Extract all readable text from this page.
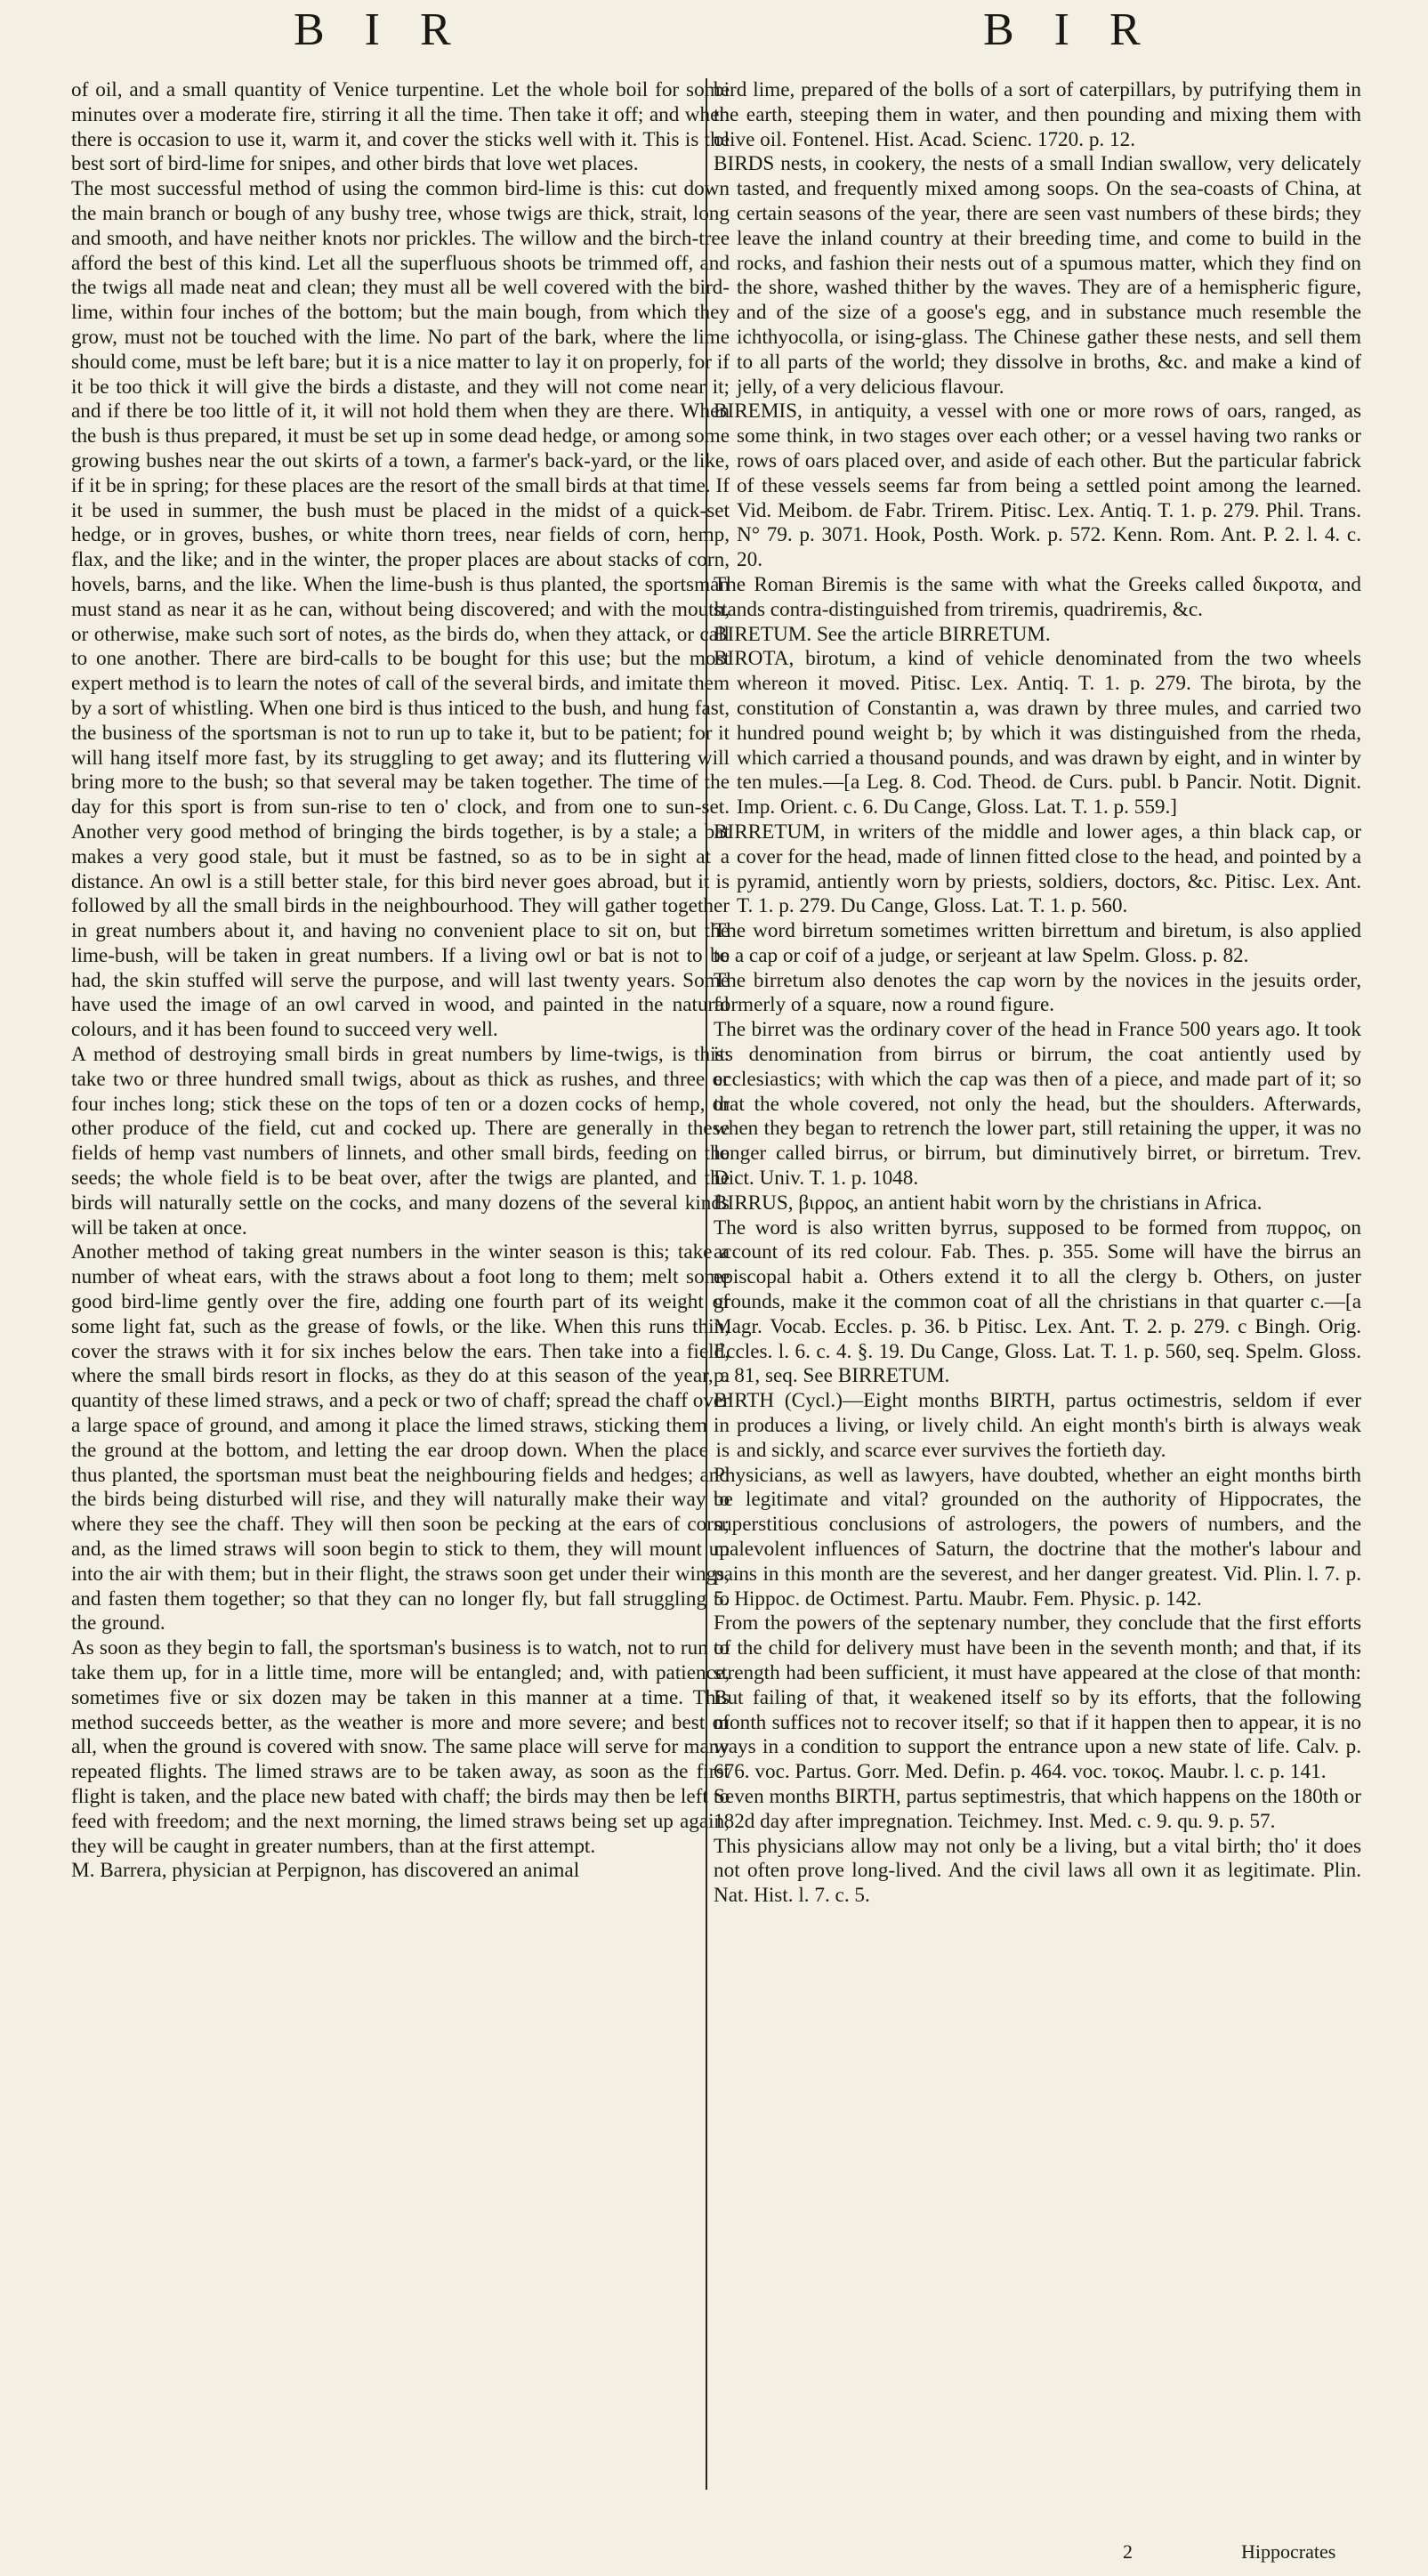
B I R	B I R

of oil, and a small quantity of Venice turpentine. Let the whole boil for some minutes over a moderate fire, stirring it all the time. Then take it off; and when there is occasion to use it, warm it, and cover the sticks well with it. This is the best sort of bird-lime for snipes, and other birds that love wet places.

The most successful method of using the common bird-lime is this: cut down the main branch or bough of any bushy tree, whose twigs are thick, strait, long and smooth, and have neither knots nor prickles. The willow and the birch-tree afford the best of this kind. Let all the superfluous shoots be trimmed off, and the twigs all made neat and clean; they must all be well covered with the bird-lime, within four inches of the bottom; but the main bough, from which they grow, must not be touched with the lime. No part of the bark, where the lime should come, must be left bare; but it is a nice matter to lay it on properly, for if it be too thick it will give the birds a distaste, and they will not come near it; and if there be too little of it, it will not hold them when they are there. When the bush is thus prepared, it must be set up in some dead hedge, or among some growing bushes near the out skirts of a town, a farmer's back-yard, or the like, if it be in spring; for these places are the resort of the small birds at that time. If it be used in summer, the bush must be placed in the midst of a quick-set hedge, or in groves, bushes, or white thorn trees, near fields of corn, hemp, flax, and the like; and in the winter, the proper places are about stacks of corn, hovels, barns, and the like. When the lime-bush is thus planted, the sportsman must stand as near it as he can, without being discovered; and with the mouth, or otherwise, make such sort of notes, as the birds do, when they attack, or call to one another. There are bird-calls to be bought for this use; but the most expert method is to learn the notes of call of the several birds, and imitate them by a sort of whistling. When one bird is thus inticed to the bush, and hung fast, the business of the sportsman is not to run up to take it, but to be patient; for it will hang itself more fast, by its struggling to get away; and its fluttering will bring more to the bush; so that several may be taken together. The time of the day for this sport is from sun-rise to ten o' clock, and from one to sun-set. Another very good method of bringing the birds together, is by a stale; a bat makes a very good stale, but it must be fastned, so as to be in sight at a distance. An owl is a still better stale, for this bird never goes abroad, but it is followed by all the small birds in the neighbourhood. They will gather together in great numbers about it, and having no convenient place to sit on, but the lime-bush, will be taken in great numbers. If a living owl or bat is not to be had, the skin stuffed will serve the purpose, and will last twenty years. Some have used the image of an owl carved in wood, and painted in the natural colours, and it has been found to succeed very well.

A method of destroying small birds in great numbers by lime-twigs, is this: take two or three hundred small twigs, about as thick as rushes, and three or four inches long; stick these on the tops of ten or a dozen cocks of hemp, or other produce of the field, cut and cocked up. There are generally in these fields of hemp vast numbers of linnets, and other small birds, feeding on the seeds; the whole field is to be beat over, after the twigs are planted, and the birds will naturally settle on the cocks, and many dozens of the several kinds will be taken at once.

Another method of taking great numbers in the winter season is this; take a number of wheat ears, with the straws about a foot long to them; melt some good bird-lime gently over the fire, adding one fourth part of its weight of some light fat, such as the grease of fowls, or the like. When this runs thin, cover the straws with it for six inches below the ears. Then take into a field, where the small birds resort in flocks, as they do at this season of the year, a quantity of these limed straws, and a peck or two of chaff; spread the chaff over a large space of ground, and among it place the limed straws, sticking them in the ground at the bottom, and letting the ear droop down. When the place is thus planted, the sportsman must beat the neighbouring fields and hedges; and the birds being disturbed will rise, and they will naturally make their way to where they see the chaff. They will then soon be pecking at the ears of corn; and, as the limed straws will soon begin to stick to them, they will mount up into the air with them; but in their flight, the straws soon get under their wings, and fasten them together; so that they can no longer fly, but fall struggling to the ground.

As soon as they begin to fall, the sportsman's business is to watch, not to run to take them up, for in a little time, more will be entangled; and, with patience, sometimes five or six dozen may be taken in this manner at a time. This method succeeds better, as the weather is more and more severe; and best of all, when the ground is covered with snow. The same place will serve for many repeated flights. The limed straws are to be taken away, as soon as the first flight is taken, and the place new bated with chaff; the birds may then be left to feed with freedom; and the next morning, the limed straws being set up again, they will be caught in greater numbers, than at the first attempt.

M. Barrera, physician at Perpignon, has discovered an animal

bird lime, prepared of the bolls of a sort of caterpillars, by putrifying them in the earth, steeping them in water, and then pounding and mixing them with olive oil. Fontenel. Hist. Acad. Scienc. 1720. p. 12.

BIRDS nests, in cookery, the nests of a small Indian swallow, very delicately tasted, and frequently mixed among soops. On the sea-coasts of China, at certain seasons of the year, there are seen vast numbers of these birds; they leave the inland country at their breeding time, and come to build in the rocks, and fashion their nests out of a spumous matter, which they find on the shore, washed thither by the waves. They are of a hemispheric figure, and of the size of a goose's egg, and in substance much resemble the ichthyocolla, or ising-glass. The Chinese gather these nests, and sell them to all parts of the world; they dissolve in broths, &c. and make a kind of jelly, of a very delicious flavour.

BIREMIS, in antiquity, a vessel with one or more rows of oars, ranged, as some think, in two stages over each other; or a vessel having two ranks or rows of oars placed over, and aside of each other. But the particular fabrick of these vessels seems far from being a settled point among the learned. Vid. Meibom. de Fabr. Trirem. Pitisc. Lex. Antiq. T. 1. p. 279. Phil. Trans. N° 79. p. 3071. Hook, Posth. Work. p. 572. Kenn. Rom. Ant. P. 2. l. 4. c. 20.

The Roman Biremis is the same with what the Greeks called δικροτα, and stands contra-distinguished from triremis, quadriremis, &c.

BIRETUM. See the article BIRRETUM.

BIROTA, birotum, a kind of vehicle denominated from the two wheels whereon it moved. Pitisc. Lex. Antiq. T. 1. p. 279. The birota, by the constitution of Constantin a, was drawn by three mules, and carried two hundred pound weight b; by which it was distinguished from the rheda, which carried a thousand pounds, and was drawn by eight, and in winter by ten mules.—[a Leg. 8. Cod. Theod. de Curs. publ. b Pancir. Notit. Dignit. Imp. Orient. c. 6. Du Cange, Gloss. Lat. T. 1. p. 559.]

BIRRETUM, in writers of the middle and lower ages, a thin black cap, or cover for the head, made of linnen fitted close to the head, and pointed by a pyramid, antiently worn by priests, soldiers, doctors, &c. Pitisc. Lex. Ant. T. 1. p. 279. Du Cange, Gloss. Lat. T. 1. p. 560.

The word birretum sometimes written birrettum and biretum, is also applied to a cap or coif of a judge, or serjeant at law Spelm. Gloss. p. 82.

The birretum also denotes the cap worn by the novices in the jesuits order, formerly of a square, now a round figure.

The birret was the ordinary cover of the head in France 500 years ago. It took its denomination from birrus or birrum, the coat antiently used by ecclesiastics; with which the cap was then of a piece, and made part of it; so that the whole covered, not only the head, but the shoulders. Afterwards, when they began to retrench the lower part, still retaining the upper, it was no longer called birrus, or birrum, but diminutively birret, or birretum. Trev. Dict. Univ. T. 1. p. 1048.

BIRRUS, βιρρος, an antient habit worn by the christians in Africa.

The word is also written byrrus, supposed to be formed from πυρρος, on account of its red colour. Fab. Thes. p. 355. Some will have the birrus an episcopal habit a. Others extend it to all the clergy b. Others, on juster grounds, make it the common coat of all the christians in that quarter c.—[a Magr. Vocab. Eccles. p. 36. b Pitisc. Lex. Ant. T. 2. p. 279. c Bingh. Orig. Eccles. l. 6. c. 4. §. 19. Du Cange, Gloss. Lat. T. 1. p. 560, seq. Spelm. Gloss. p. 81, seq. See BIRRETUM.

BIRTH (Cycl.)—Eight months BIRTH, partus octimestris, seldom if ever produces a living, or lively child. An eight month's birth is always weak and sickly, and scarce ever survives the fortieth day.

Physicians, as well as lawyers, have doubted, whether an eight months birth be legitimate and vital? grounded on the authority of Hippocrates, the superstitious conclusions of astrologers, the powers of numbers, and the malevolent influences of Saturn, the doctrine that the mother's labour and pains in this month are the severest, and her danger greatest. Vid. Plin. l. 7. p. 5. Hippoc. de Octimest. Partu. Maubr. Fem. Physic. p. 142.

From the powers of the septenary number, they conclude that the first efforts of the child for delivery must have been in the seventh month; and that, if its strength had been sufficient, it must have appeared at the close of that month: But failing of that, it weakened itself so by its efforts, that the following month suffices not to recover itself; so that if it happen then to appear, it is no ways in a condition to support the entrance upon a new state of life. Calv. p. 676. voc. Partus. Gorr. Med. Defin. p. 464. voc. τοκος. Maubr. l. c. p. 141.

Seven months BIRTH, partus septimestris, that which happens on the 180th or 182d day after impregnation. Teichmey. Inst. Med. c. 9. qu. 9. p. 57.

This physicians allow may not only be a living, but a vital birth; tho' it does not often prove long-lived. And the civil laws all own it as legitimate. Plin. Nat. Hist. l. 7. c. 5.

2	Hippocrates
